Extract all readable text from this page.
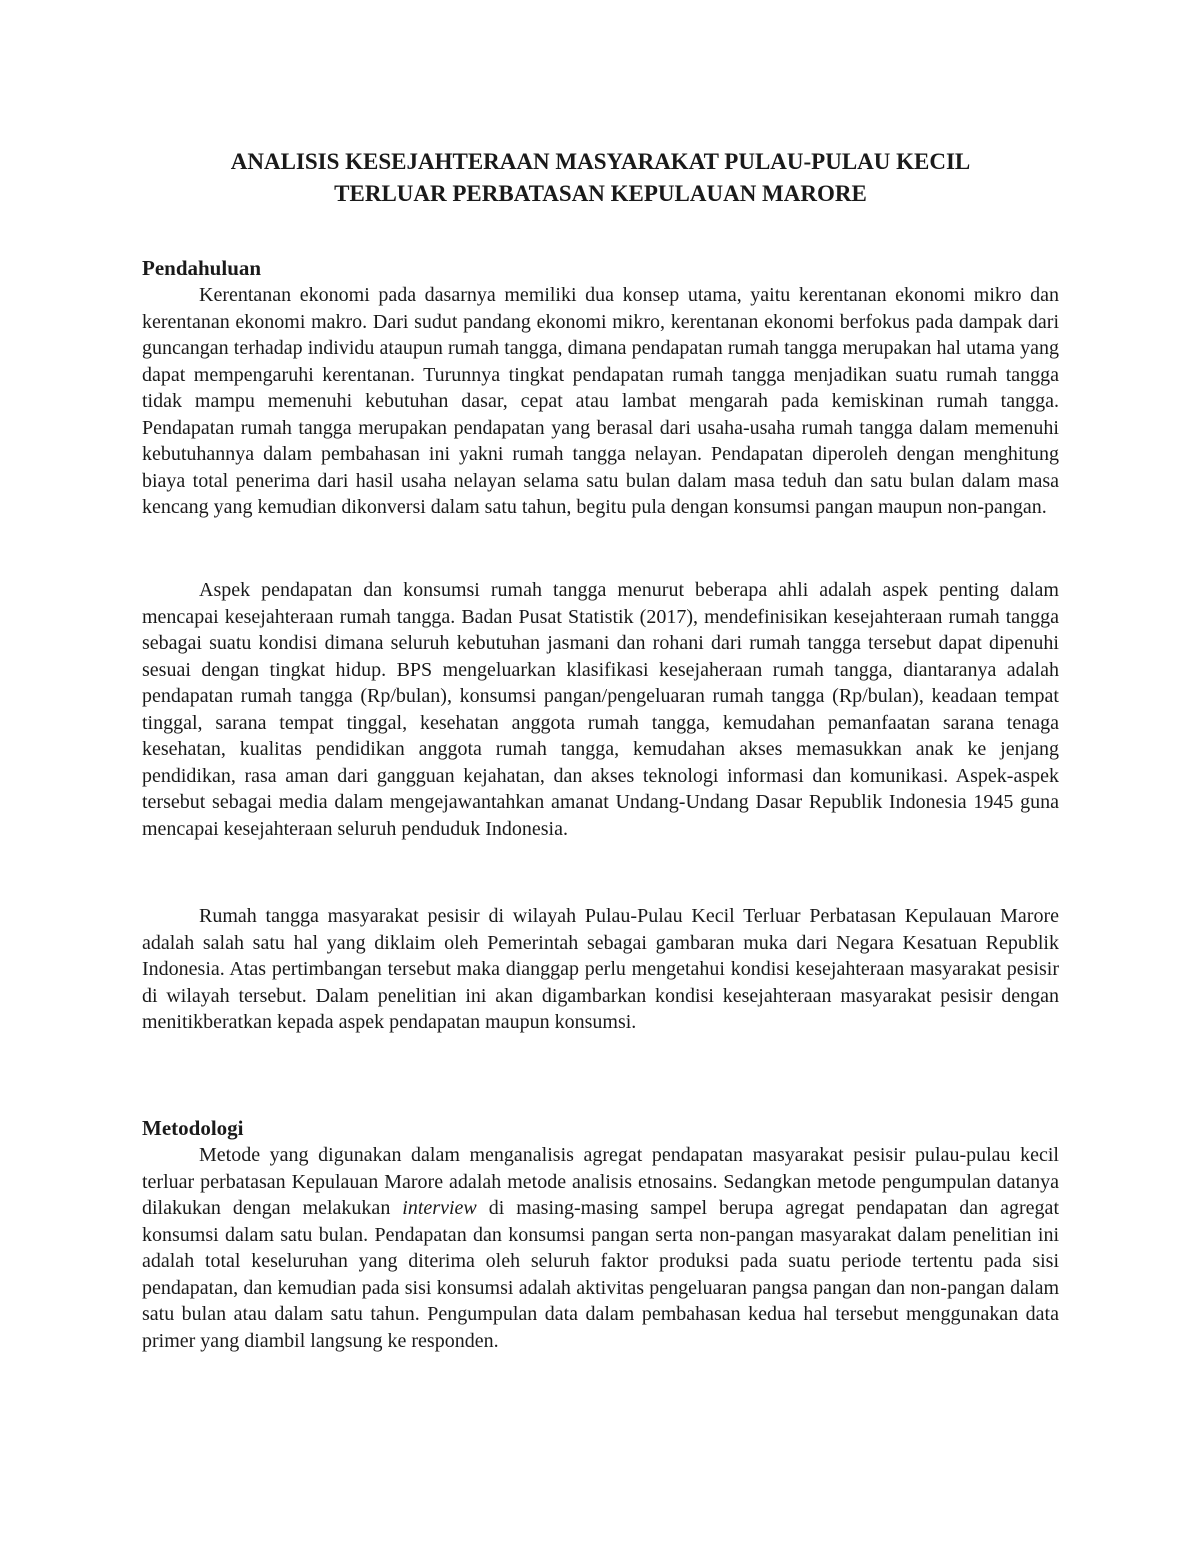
ANALISIS KESEJAHTERAAN MASYARAKAT PULAU-PULAU KECIL
TERLUAR PERBATASAN KEPULAUAN MARORE
Pendahuluan

Kerentanan ekonomi pada dasarnya memiliki dua konsep utama, yaitu kerentanan ekonomi mikro dan kerentanan ekonomi makro. Dari sudut pandang ekonomi mikro, kerentanan ekonomi berfokus pada dampak dari guncangan terhadap individu ataupun rumah tangga, dimana pendapatan rumah tangga merupakan hal utama yang dapat mempengaruhi kerentanan. Turunnya tingkat pendapatan rumah tangga menjadikan suatu rumah tangga tidak mampu memenuhi kebutuhan dasar, cepat atau lambat mengarah pada kemiskinan rumah tangga. Pendapatan rumah tangga merupakan pendapatan yang berasal dari usaha-usaha rumah tangga dalam memenuhi kebutuhannya dalam pembahasan ini yakni rumah tangga nelayan. Pendapatan diperoleh dengan menghitung biaya total penerima dari hasil usaha nelayan selama satu bulan dalam masa teduh dan satu bulan dalam masa kencang yang kemudian dikonversi dalam satu tahun, begitu pula dengan konsumsi pangan maupun non-pangan.

Aspek pendapatan dan konsumsi rumah tangga menurut beberapa ahli adalah aspek penting dalam mencapai kesejahteraan rumah tangga. Badan Pusat Statistik (2017), mendefinisikan kesejahteraan rumah tangga sebagai suatu kondisi dimana seluruh kebutuhan jasmani dan rohani dari rumah tangga tersebut dapat dipenuhi sesuai dengan tingkat hidup. BPS mengeluarkan klasifikasi kesejaheraan rumah tangga, diantaranya adalah pendapatan rumah tangga (Rp/bulan), konsumsi pangan/pengeluaran rumah tangga (Rp/bulan), keadaan tempat tinggal, sarana tempat tinggal, kesehatan anggota rumah tangga, kemudahan pemanfaatan sarana tenaga kesehatan, kualitas pendidikan anggota rumah tangga, kemudahan akses memasukkan anak ke jenjang pendidikan, rasa aman dari gangguan kejahatan, dan akses teknologi informasi dan komunikasi. Aspek-aspek tersebut sebagai media dalam mengejawantahkan amanat Undang-Undang Dasar Republik Indonesia 1945 guna mencapai kesejahteraan seluruh penduduk Indonesia.

Rumah tangga masyarakat pesisir di wilayah Pulau-Pulau Kecil Terluar Perbatasan Kepulauan Marore adalah salah satu hal yang diklaim oleh Pemerintah sebagai gambaran muka dari Negara Kesatuan Republik Indonesia. Atas pertimbangan tersebut maka dianggap perlu mengetahui kondisi kesejahteraan masyarakat pesisir di wilayah tersebut. Dalam penelitian ini akan digambarkan kondisi kesejahteraan masyarakat pesisir dengan menitikberatkan kepada aspek pendapatan maupun konsumsi.

Metodologi

Metode yang digunakan dalam menganalisis agregat pendapatan masyarakat pesisir pulau-pulau kecil terluar perbatasan Kepulauan Marore adalah metode analisis etnosains. Sedangkan metode pengumpulan datanya dilakukan dengan melakukan interview di masing-masing sampel berupa agregat pendapatan dan agregat konsumsi dalam satu bulan. Pendapatan dan konsumsi pangan serta non-pangan masyarakat dalam penelitian ini adalah total keseluruhan yang diterima oleh seluruh faktor produksi pada suatu periode tertentu pada sisi pendapatan, dan kemudian pada sisi konsumsi adalah aktivitas pengeluaran pangsa pangan dan non-pangan dalam satu bulan atau dalam satu tahun. Pengumpulan data dalam pembahasan kedua hal tersebut menggunakan data primer yang diambil langsung ke responden.
